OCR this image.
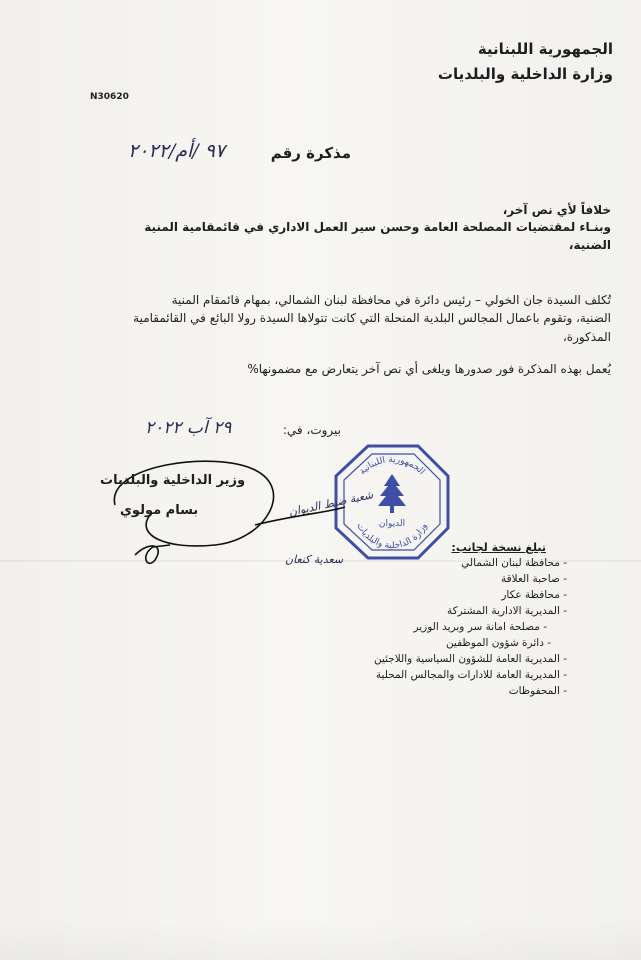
الجمهورية اللبنانية
وزارة الداخلية والبلديات
N30620
مذكرة رقم
٩٧ /أم/٢٠٢٢
خلافاً لأي نص آخر،
وبنـاء لمقتضيات المصلحة العامة وحسن سير العمل الاداري في قائمقامية المنية
الضنية،
تُكلف السيدة جان الخولي – رئيس دائرة في محافظة لبنان الشمالي، بمهام قائمقام المنية
الضنية، وتقوم باعمال المجالس البلدية المنحلة التي كانت تتولاها السيدة رولا البائع في القائمقامية
المذكورة،
يُعمل بهذه المذكرة فور صدورها ويلغى أي نص آخر يتعارض مع مضمونها%
بيروت، في:
٢٩ آب ٢٠٢٢
الجمهورية اللبنانية
وزارة الداخلية والبلديات
الديوان
شعبة ضبط الديوان
سعدية كنعان
وزير الداخلية والبلديات
بسام مولوي
تبلغ نسخة لجانب:
- محافظة لبنان الشمالي
- صاحبة العلاقة
- محافظة عكار
- المديرية الادارية المشتركة
- مصلحة امانة سر وبريد الوزير
- دائرة شؤون الموظفين
- المديرية العامة للشؤون السياسية واللاجئين
- المديرية العامة للادارات والمجالس المحلية
- المحفوظات
